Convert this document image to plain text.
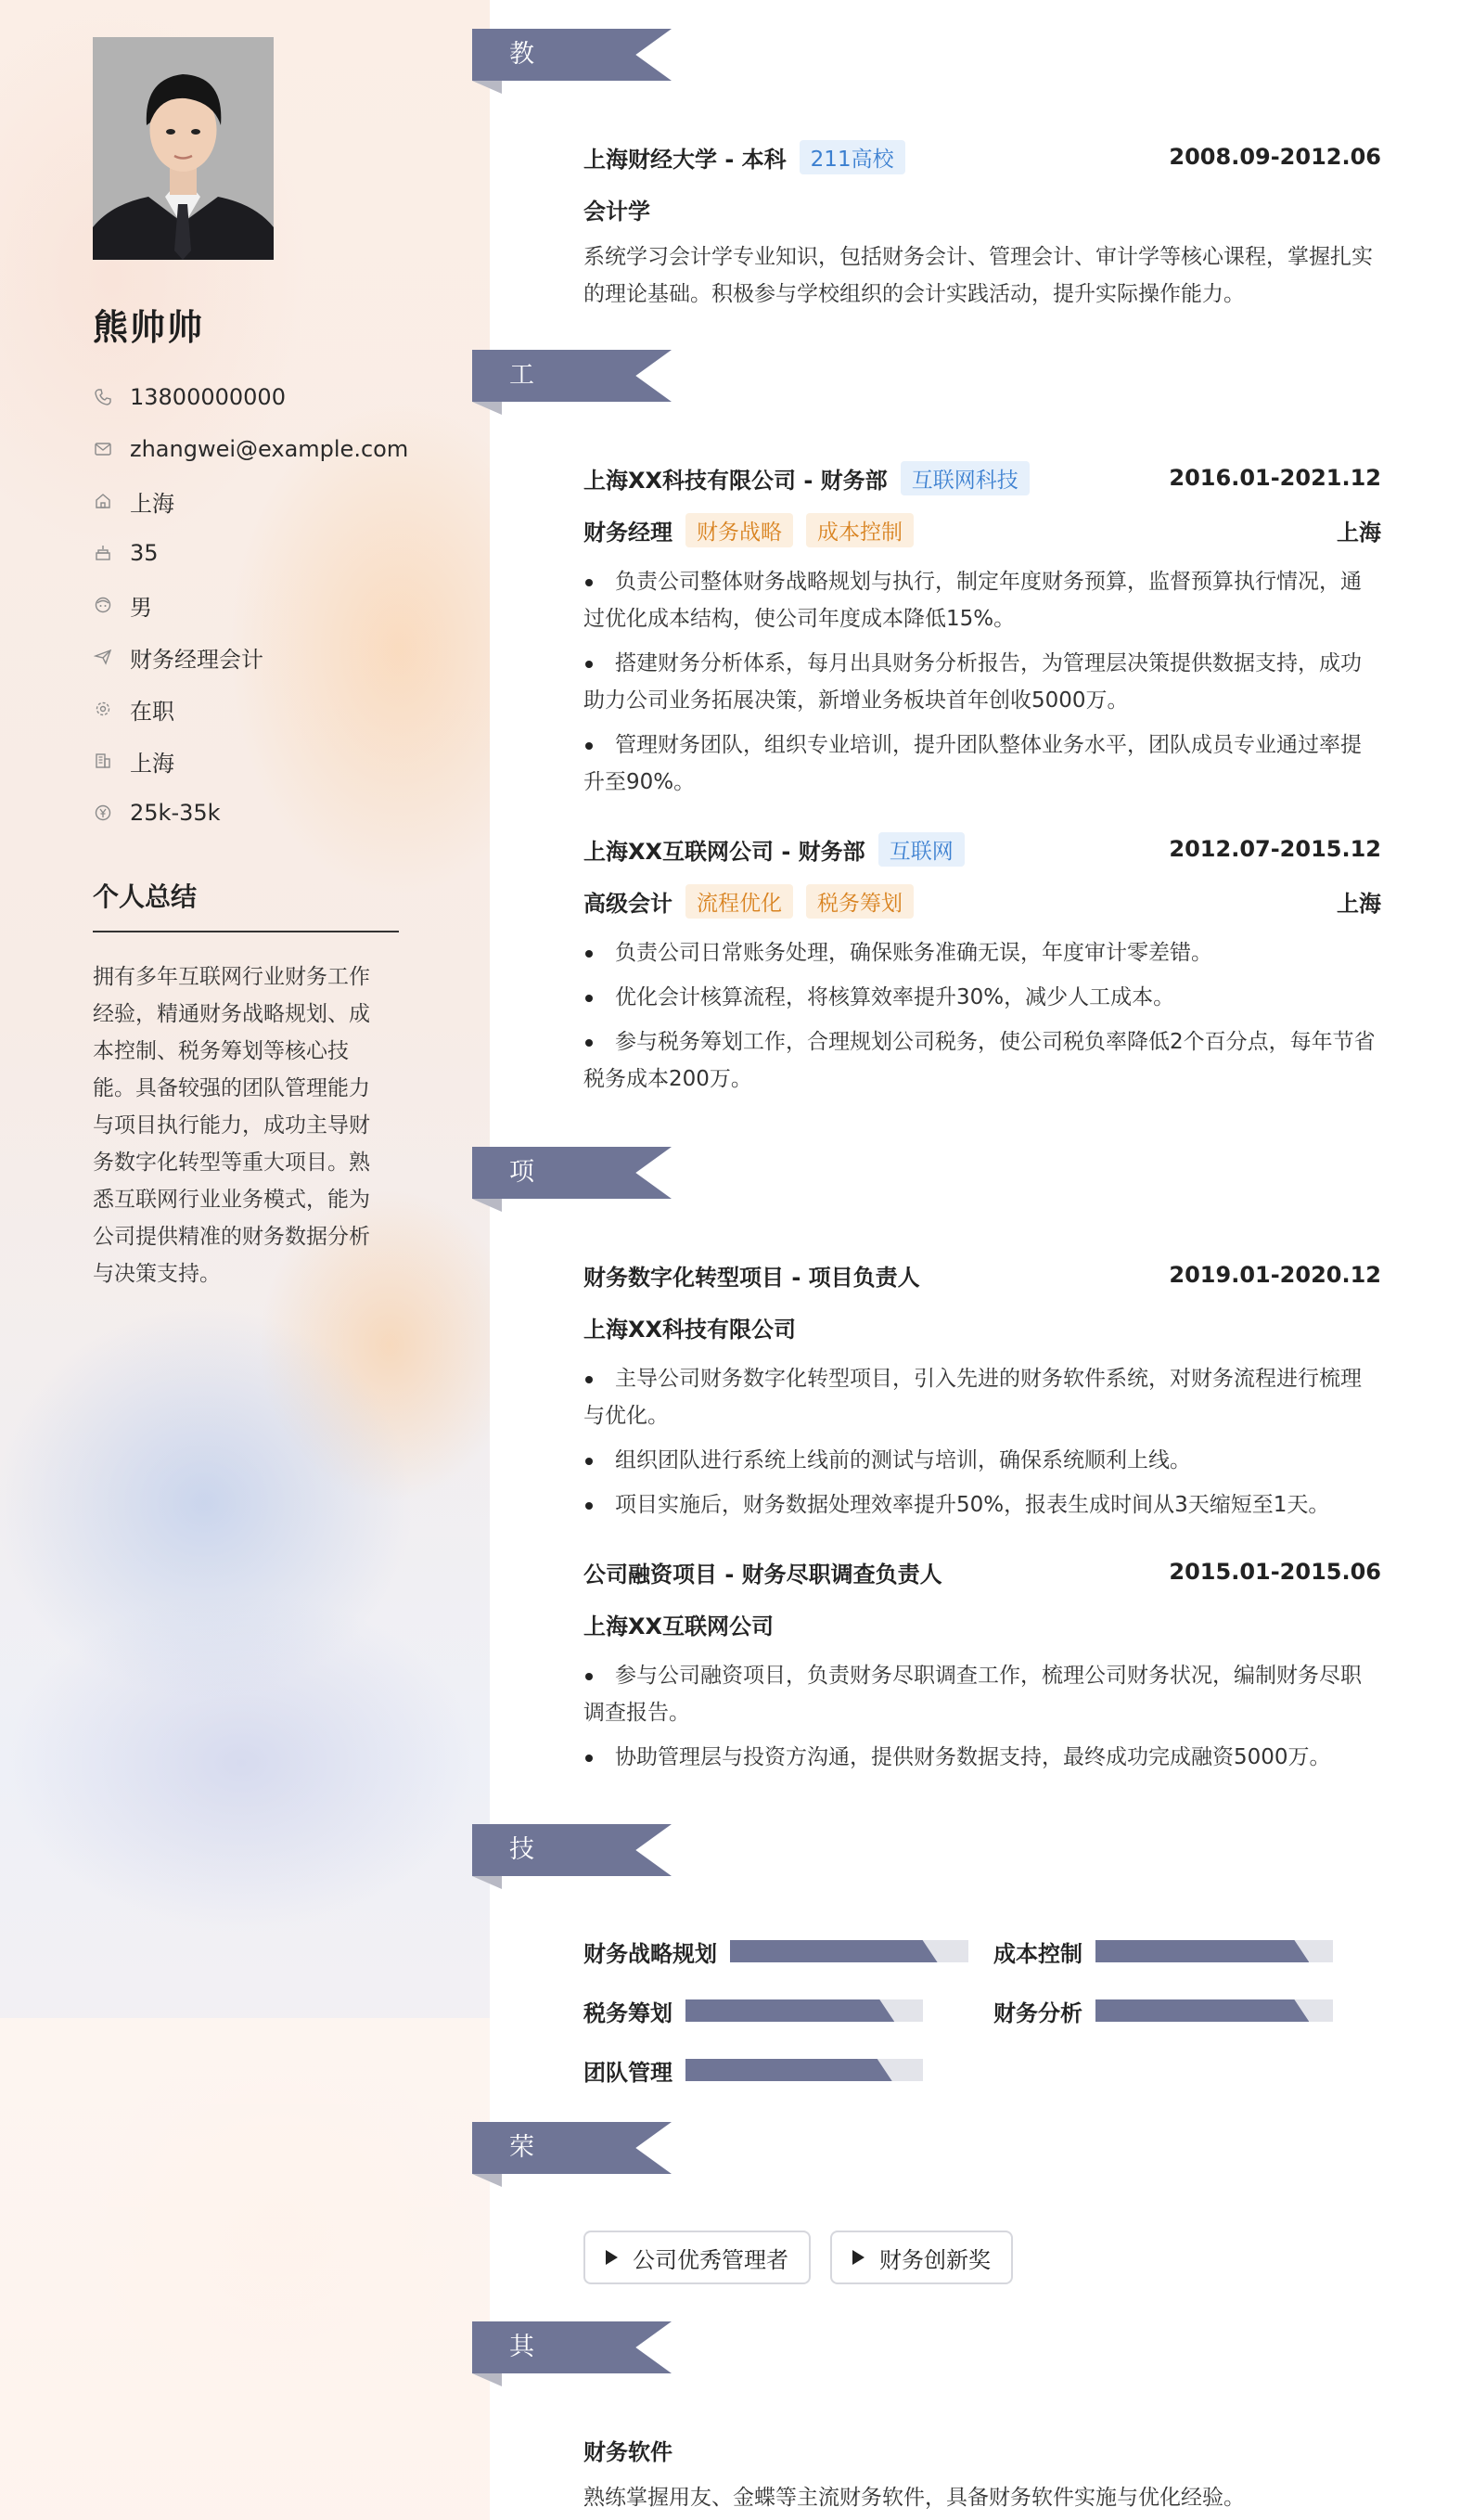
熊帅帅
13800000000
zhangwei@example.com
上海
35
男
财务经理会计
在职
上海
25k-35k
个人总结
拥有多年互联网行业财务工作经验，精通财务战略规划、成本控制、税务筹划等核心技能。具备较强的团队管理能力与项目执行能力，成功主导财务数字化转型等重大项目。熟悉互联网行业业务模式，能为公司提供精准的财务数据分析与决策支持。
教育经历
上海财经大学 - 本科	211高校	2008.09-2012.06
会计学
系统学习会计学专业知识，包括财务会计、管理会计、审计学等核心课程，掌握扎实的理论基础。积极参与学校组织的会计实践活动，提升实际操作能力。
工作经历
上海XX科技有限公司 - 财务部	互联网科技	2016.01-2021.12
财务经理	财务战略	成本控制	上海
负责公司整体财务战略规划与执行，制定年度财务预算，监督预算执行情况，通过优化成本结构，使公司年度成本降低15%。
搭建财务分析体系，每月出具财务分析报告，为管理层决策提供数据支持，成功助力公司业务拓展决策，新增业务板块首年创收5000万。
管理财务团队，组织专业培训，提升团队整体业务水平，团队成员专业通过率提升至90%。
上海XX互联网公司 - 财务部	互联网	2012.07-2015.12
高级会计	流程优化	税务筹划	上海
负责公司日常账务处理，确保账务准确无误，年度审计零差错。
优化会计核算流程，将核算效率提升30%，减少人工成本。
参与税务筹划工作，合理规划公司税务，使公司税负率降低2个百分点，每年节省税务成本200万。
项目经历
财务数字化转型项目 - 项目负责人	2019.01-2020.12
上海XX科技有限公司
主导公司财务数字化转型项目，引入先进的财务软件系统，对财务流程进行梳理与优化。
组织团队进行系统上线前的测试与培训，确保系统顺利上线。
项目实施后，财务数据处理效率提升50%，报表生成时间从3天缩短至1天。
公司融资项目 - 财务尽职调查负责人	2015.01-2015.06
上海XX互联网公司
参与公司融资项目，负责财务尽职调查工作，梳理公司财务状况，编制财务尽职调查报告。
协助管理层与投资方沟通，提供财务数据支持，最终成功完成融资5000万。
技能专长
财务战略规划	成本控制
税务筹划	财务分析
团队管理
荣誉奖项
公司优秀管理者	财务创新奖
其他信息
财务软件
熟练掌握用友、金蝶等主流财务软件，具备财务软件实施与优化经验。
